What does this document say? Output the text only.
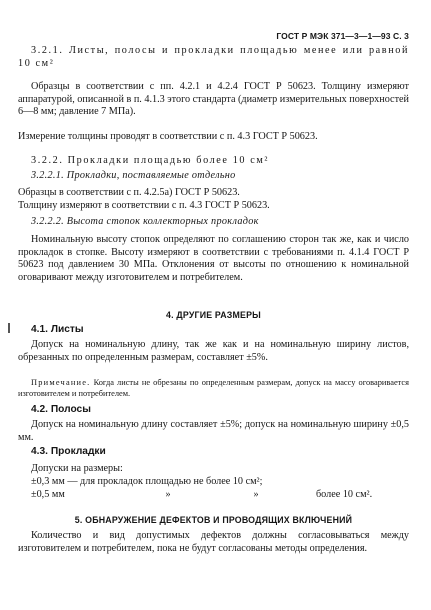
ГОСТ Р МЭК 371—3—1—93 С. 3

3.2.1. Листы, полосы и прокладки площадью менее или равной 10 см²

Образцы в соответствии с пп. 4.2.1 и 4.2.4 ГОСТ Р 50623. Толщину измеряют аппаратурой, описанной в п. 4.1.3 этого стандарта (диаметр измерительных поверхностей 6—8 мм; давление 7 МПа).

Измерение толщины проводят в соответствии с п. 4.3 ГОСТ Р 50623.

3.2.2. Прокладки площадью более 10 см²

3.2.2.1. Прокладки, поставляемые отдельно

Образцы в соответствии с п. 4.2.5а) ГОСТ Р 50623.

Толщину измеряют в соответствии с п. 4.3 ГОСТ Р 50623.

3.2.2.2. Высота стопок коллекторных прокладок

Номинальную высоту стопок определяют по соглашению сторон так же, как и число прокладок в стопке. Высоту измеряют в соответствии с требованиями п. 4.1.4 ГОСТ Р 50623 под давлением 30 МПа. Отклонения от высоты по отношению к номинальной оговаривают между изготовителем и потребителем.

4. ДРУГИЕ РАЗМЕРЫ

4.1. Листы

Допуск на номинальную длину, так же как и на номинальную ширину листов, обрезанных по определенным размерам, составляет ±5%.

Примечание. Когда листы не обрезаны по определенным размерам, допуск на массу оговаривается изготовителем и потребителем.

4.2. Полосы

Допуск на номинальную длину составляет ±5%; допуск на номинальную ширину ±0,5 мм.

4.3. Прокладки

Допуски на размеры:

±0,3 мм — для прокладок площадью не более 10 см²;

±0,5 мм	»	»	более 10 см².

5. ОБНАРУЖЕНИЕ ДЕФЕКТОВ И ПРОВОДЯЩИХ ВКЛЮЧЕНИЙ

Количество и вид допустимых дефектов должны согласовываться между изготовителем и потребителем, пока не будут согласованы методы определения.
